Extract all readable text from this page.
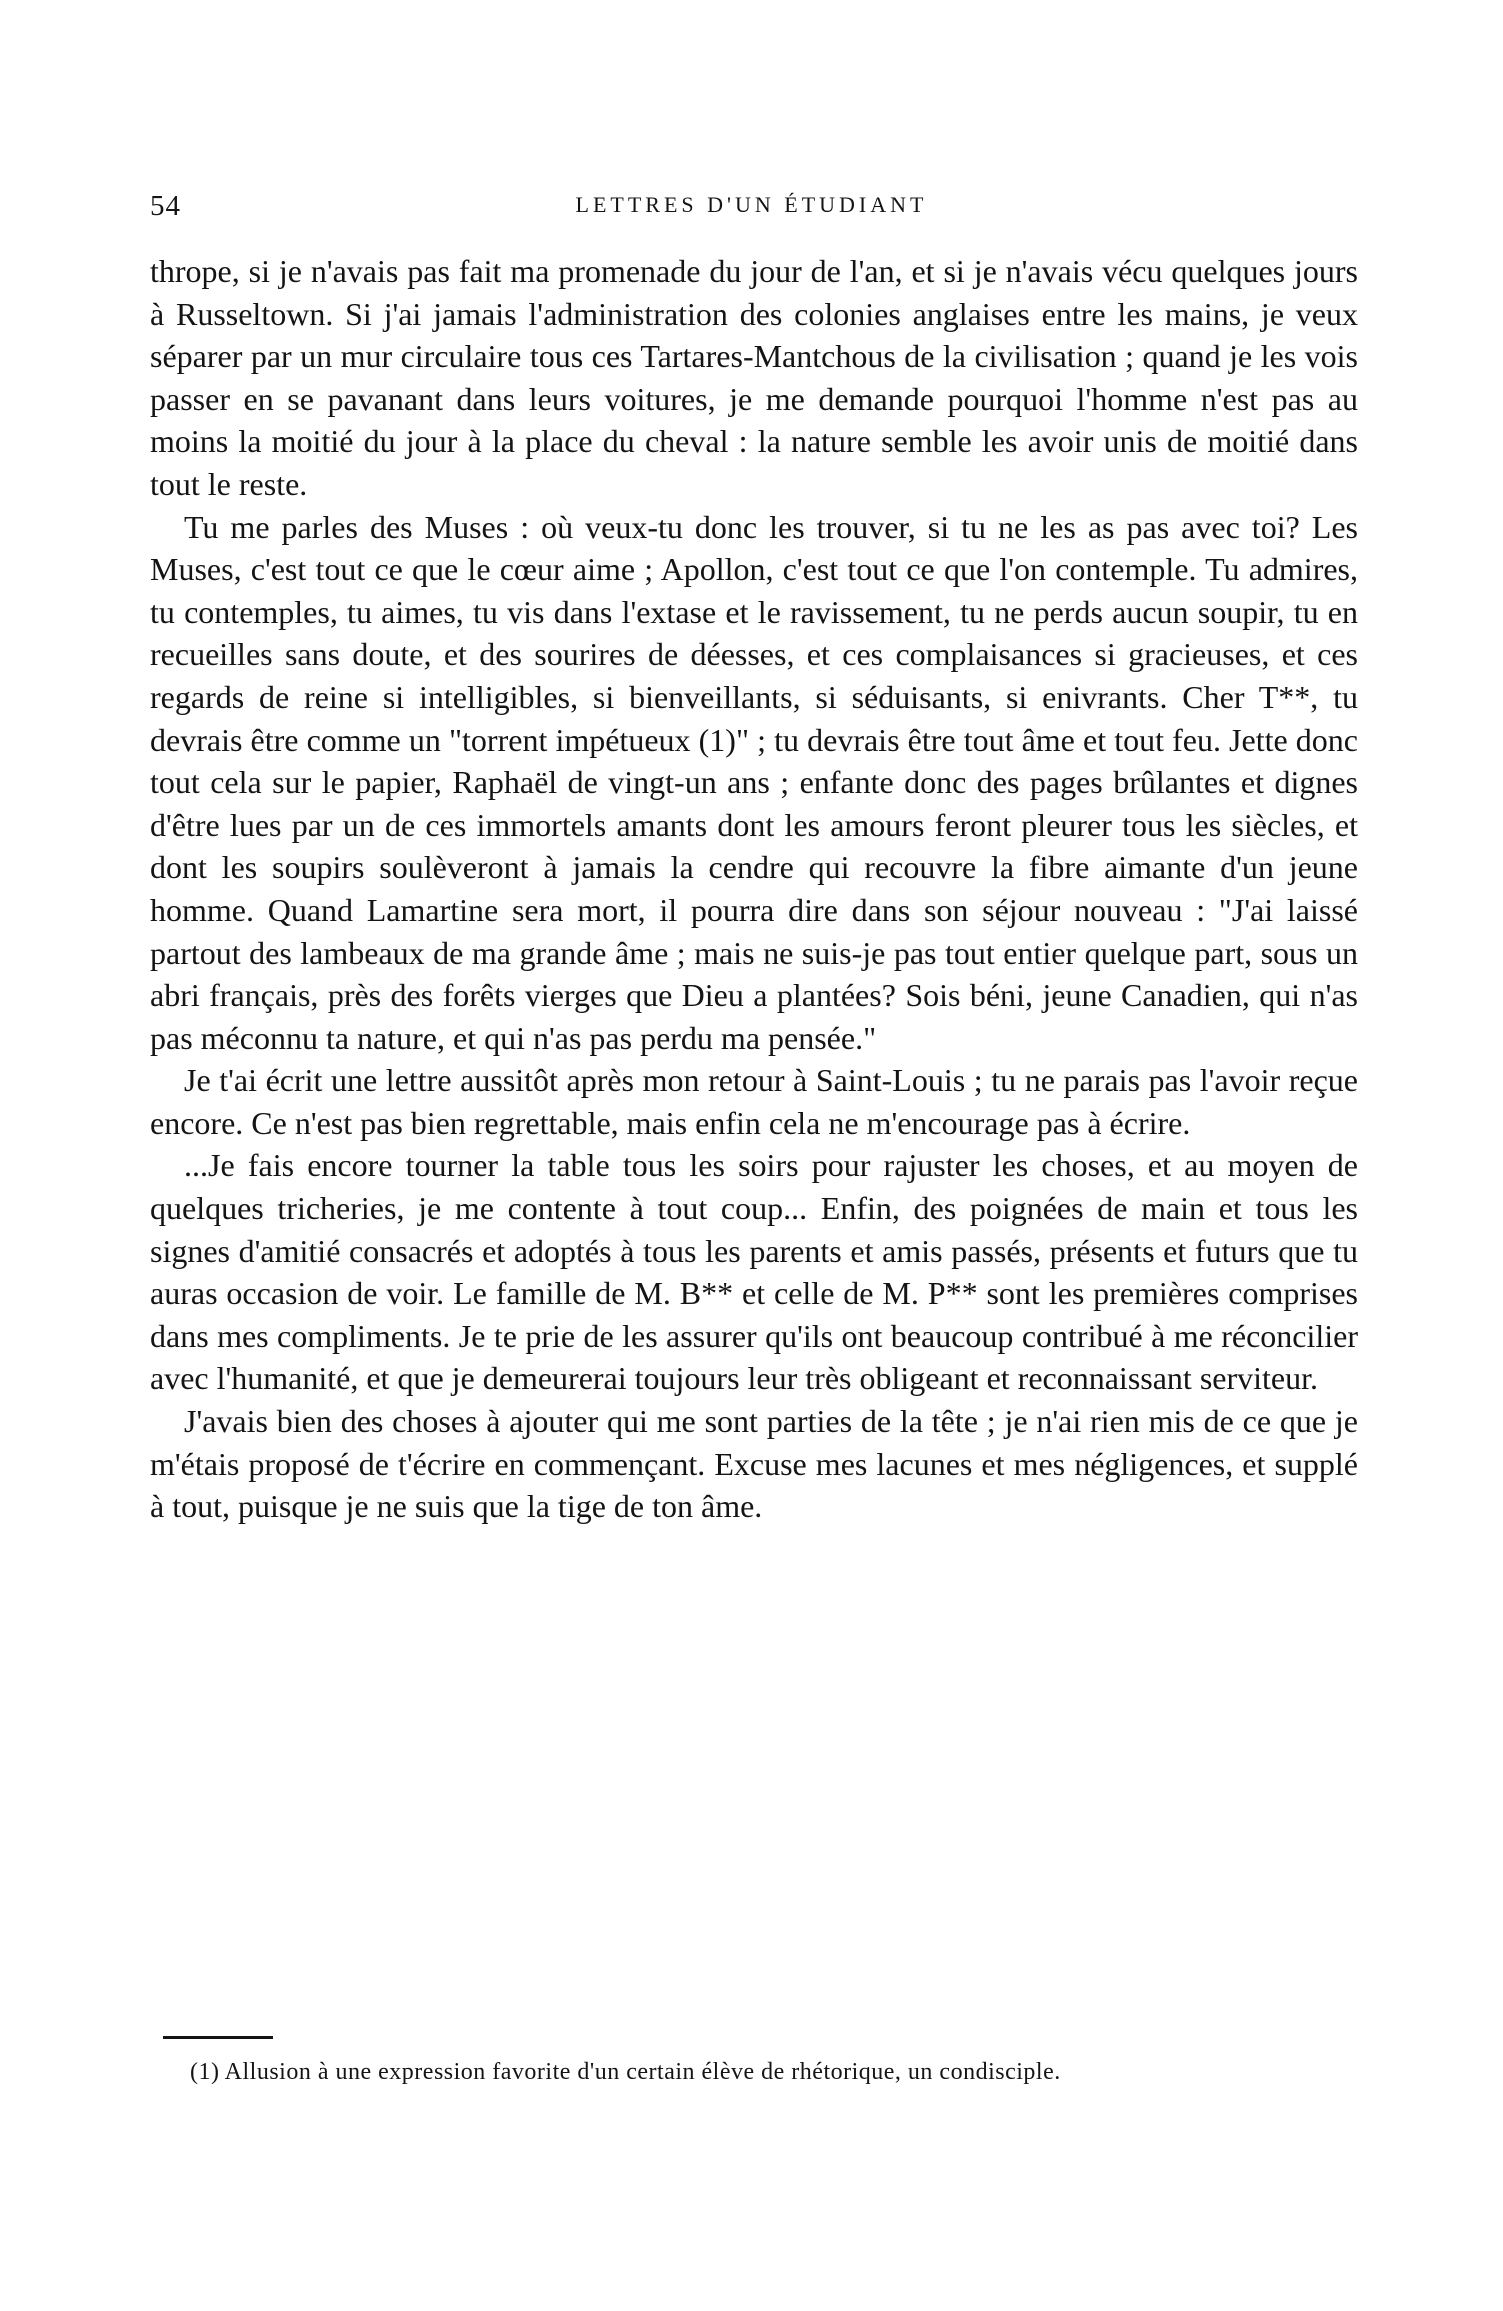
54	LETTRES D'UN ÉTUDIANT

thrope, si je n'avais pas fait ma promenade du jour de l'an, et si je n'avais vécu quelques jours à Russeltown. Si j'ai jamais l'administration des colonies anglaises entre les mains, je veux séparer par un mur circulaire tous ces Tartares-Mantchous de la civilisation ; quand je les vois passer en se pavanant dans leurs voitures, je me demande pourquoi l'homme n'est pas au moins la moitié du jour à la place du cheval : la nature semble les avoir unis de moitié dans tout le reste.

Tu me parles des Muses : où veux-tu donc les trouver, si tu ne les as pas avec toi? Les Muses, c'est tout ce que le cœur aime ; Apollon, c'est tout ce que l'on contemple. Tu admires, tu contemples, tu aimes, tu vis dans l'extase et le ravissement, tu ne perds aucun soupir, tu en recueilles sans doute, et des sourires de déesses, et ces complaisances si gracieuses, et ces regards de reine si intelligibles, si bienveillants, si séduisants, si enivrants. Cher T**, tu devrais être comme un "torrent impétueux (1)" ; tu devrais être tout âme et tout feu. Jette donc tout cela sur le papier, Raphaël de vingt-un ans ; enfante donc des pages brûlantes et dignes d'être lues par un de ces immortels amants dont les amours feront pleurer tous les siècles, et dont les soupirs soulèveront à jamais la cendre qui recouvre la fibre aimante d'un jeune homme. Quand Lamartine sera mort, il pourra dire dans son séjour nouveau : "J'ai laissé partout des lambeaux de ma grande âme ; mais ne suis-je pas tout entier quelque part, sous un abri français, près des forêts vierges que Dieu a plantées? Sois béni, jeune Canadien, qui n'as pas méconnu ta nature, et qui n'as pas perdu ma pensée."

Je t'ai écrit une lettre aussitôt après mon retour à Saint-Louis ; tu ne parais pas l'avoir reçue encore. Ce n'est pas bien regrettable, mais enfin cela ne m'encourage pas à écrire.

...Je fais encore tourner la table tous les soirs pour rajuster les choses, et au moyen de quelques tricheries, je me contente à tout coup... Enfin, des poignées de main et tous les signes d'amitié consacrés et adoptés à tous les parents et amis passés, présents et futurs que tu auras occasion de voir. Le famille de M. B** et celle de M. P** sont les premières comprises dans mes compliments. Je te prie de les assurer qu'ils ont beaucoup contribué à me réconcilier avec l'humanité, et que je demeurerai toujours leur très obligeant et reconnaissant serviteur.

J'avais bien des choses à ajouter qui me sont parties de la tête ; je n'ai rien mis de ce que je m'étais proposé de t'écrire en commençant. Excuse mes lacunes et mes négligences, et supplé à tout, puisque je ne suis que la tige de ton âme.

(1) Allusion à une expression favorite d'un certain élève de rhétorique, un condisciple.
